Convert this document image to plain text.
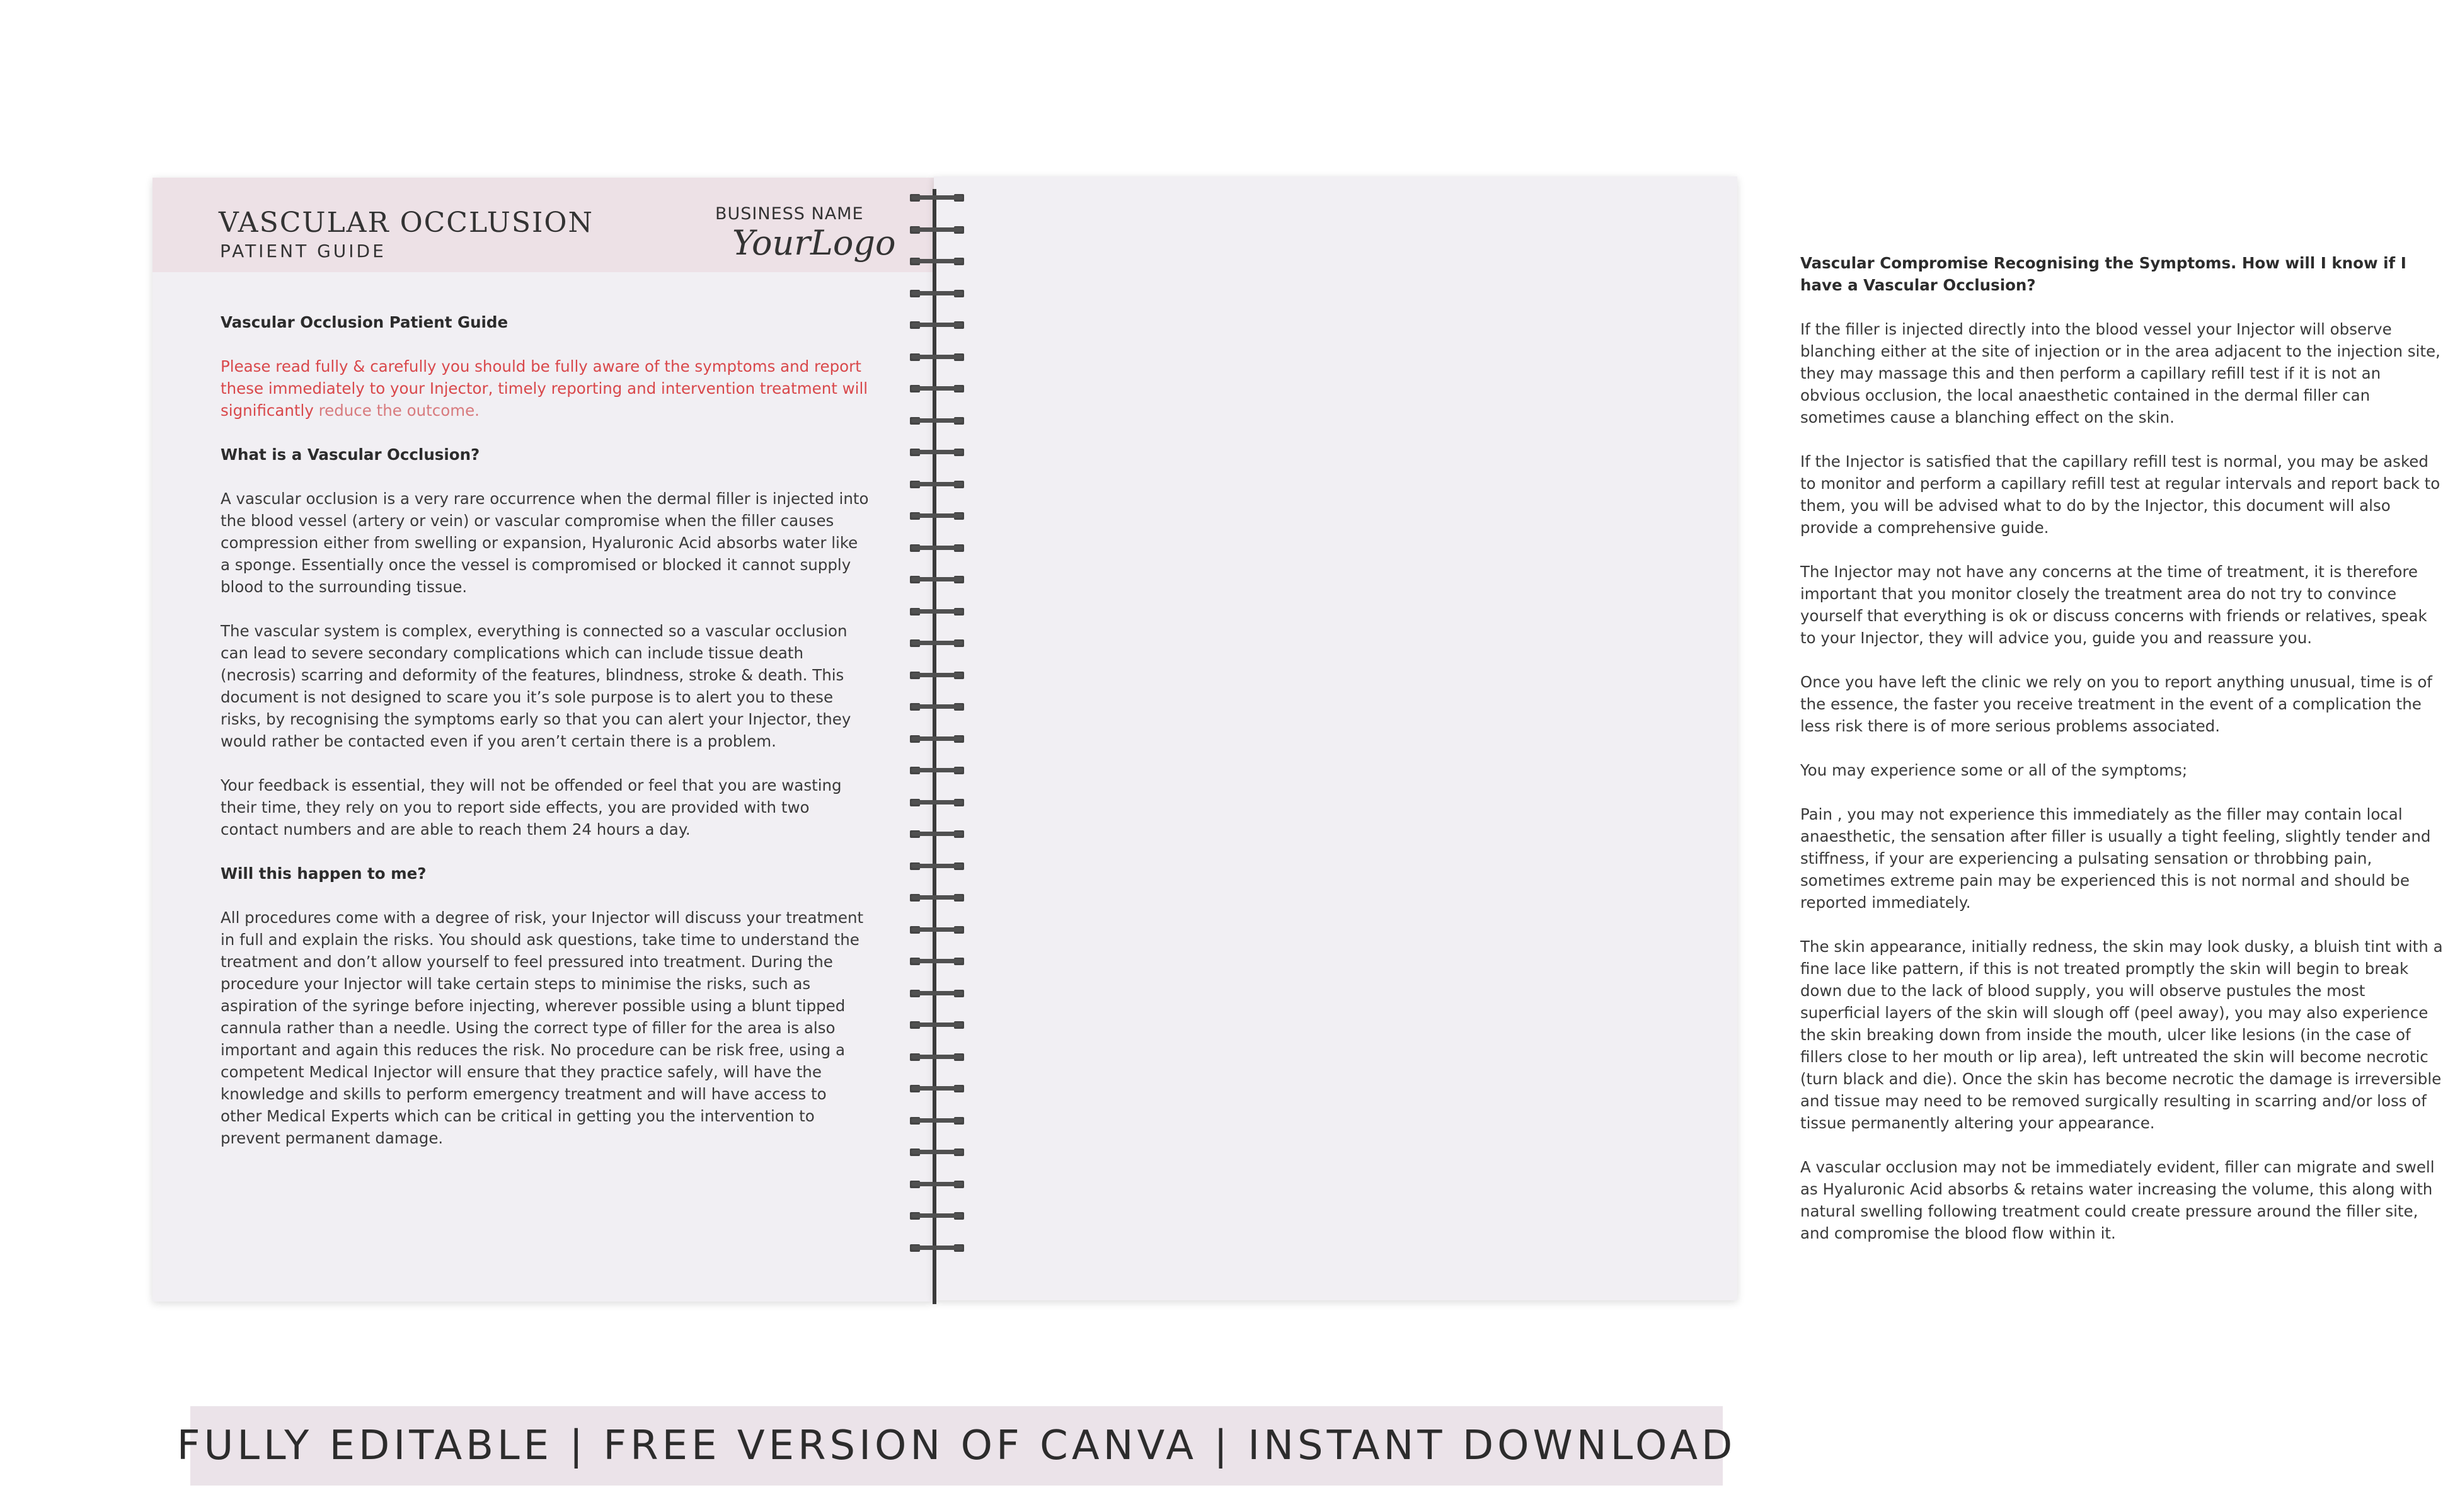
VASCULAR OCCLUSION
PATIENT GUIDE
BUSINESS NAME
YourLogo

Vascular Occlusion Patient Guide

Please read fully & carefully you should be fully aware of the symptoms and report these immediately to your Injector, timely reporting and intervention treatment will significantly reduce the outcome.

What is a Vascular Occlusion?

A vascular occlusion is a very rare occurrence when the dermal filler is injected into the blood vessel (artery or vein) or vascular compromise when the filler causes compression either from swelling or expansion, Hyaluronic Acid absorbs water like a sponge. Essentially once the vessel is compromised or blocked it cannot supply blood to the surrounding tissue.

The vascular system is complex, everything is connected so a vascular occlusion can lead to severe secondary complications which can include tissue death (necrosis) scarring and deformity of the features, blindness, stroke & death. This document is not designed to scare you it’s sole purpose is to alert you to these risks, by recognising the symptoms early so that you can alert your Injector, they would rather be contacted even if you aren’t certain there is a problem.

Your feedback is essential, they will not be offended or feel that you are wasting their time, they rely on you to report side effects, you are provided with two contact numbers and are able to reach them 24 hours a day.

Will this happen to me?

All procedures come with a degree of risk, your Injector will discuss your treatment in full and explain the risks. You should ask questions, take time to understand the treatment and don’t allow yourself to feel pressured into treatment. During the procedure your Injector will take certain steps to minimise the risks, such as aspiration of the syringe before injecting, wherever possible using a blunt tipped cannula rather than a needle. Using the correct type of filler for the area is also important and again this reduces the risk. No procedure can be risk free, using a competent Medical Injector will ensure that they practice safely, will have the knowledge and skills to perform emergency treatment and will have access to other Medical Experts which can be critical in getting you the intervention to prevent permanent damage.

Vascular Compromise Recognising the Symptoms. How will I know if I have a Vascular Occlusion?

If the filler is injected directly into the blood vessel your Injector will observe blanching either at the site of injection or in the area adjacent to the injection site, they may massage this and then perform a capillary refill test if it is not an obvious occlusion, the local anaesthetic contained in the dermal filler can sometimes cause a blanching effect on the skin.

If the Injector is satisfied that the capillary refill test is normal, you may be asked to monitor and perform a capillary refill test at regular intervals and report back to them, you will be advised what to do by the Injector, this document will also provide a comprehensive guide.

The Injector may not have any concerns at the time of treatment, it is therefore important that you monitor closely the treatment area do not try to convince yourself that everything is ok or discuss concerns with friends or relatives, speak to your Injector, they will advice you, guide you and reassure you.

Once you have left the clinic we rely on you to report anything unusual, time is of the essence, the faster you receive treatment in the event of a complication the less risk there is of more serious problems associated.

You may experience some or all of the symptoms;

Pain , you may not experience this immediately as the filler may contain local anaesthetic, the sensation after filler is usually a tight feeling, slightly tender and stiffness, if your are experiencing a pulsating sensation or throbbing pain, sometimes extreme pain may be experienced this is not normal and should be reported immediately.

The skin appearance, initially redness, the skin may look dusky, a bluish tint with a fine lace like pattern, if this is not treated promptly the skin will begin to break down due to the lack of blood supply, you will observe pustules the most superficial layers of the skin will slough off (peel away), you may also experience the skin breaking down from inside the mouth, ulcer like lesions (in the case of fillers close to her mouth or lip area), left untreated the skin will become necrotic (turn black and die). Once the skin has become necrotic the damage is irreversible and tissue may need to be removed surgically resulting in scarring and/or loss of tissue permanently altering your appearance.

A vascular occlusion may not be immediately evident, filler can migrate and swell as Hyaluronic Acid absorbs & retains water increasing the volume, this along with natural swelling following treatment could create pressure around the filler site, and compromise the blood flow within it.

FULLY EDITABLE | FREE VERSION OF CANVA | INSTANT DOWNLOAD
